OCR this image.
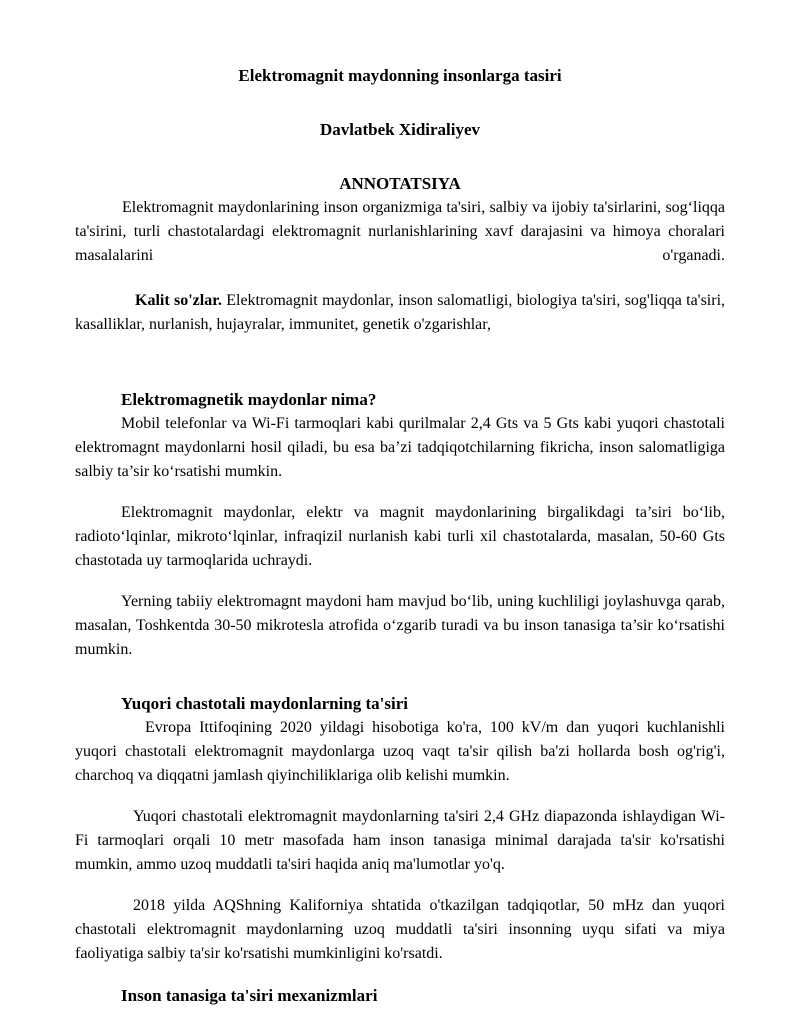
Elektromagnit maydonning insonlarga tasiri
Davlatbek Xidiraliyev
ANNOTATSIYA

Elektromagnit maydonlarining inson organizmiga ta'siri, salbiy va ijobiy ta'sirlarini, sog‘liqqa ta'sirini, turli chastotalardagi elektromagnit nurlanishlarining xavf darajasini va himoya choralari masalalarini o'rganadi.

Kalit so'zlar. Elektromagnit maydonlar, inson salomatligi, biologiya ta'siri, sog'liqqa ta'siri, kasalliklar, nurlanish, hujayralar, immunitet, genetik o'zgarishlar,

Elektromagnetik maydonlar nima?

Mobil telefonlar va Wi-Fi tarmoqlari kabi qurilmalar 2,4 Gts va 5 Gts kabi yuqori chastotali elektromagnt maydonlarni hosil qiladi, bu esa ba’zi tadqiqotchilarning fikricha, inson salomatligiga salbiy ta’sir ko‘rsatishi mumkin.

Elektromagnit maydonlar, elektr va magnit maydonlarining birgalikdagi ta’siri bo‘lib, radioto‘lqinlar, mikroto‘lqinlar, infraqizil nurlanish kabi turli xil chastotalarda, masalan, 50-60 Gts chastotada uy tarmoqlarida uchraydi.

Yerning tabiiy elektromagnt maydoni ham mavjud bo‘lib, uning kuchliligi joylashuvga qarab, masalan, Toshkentda 30-50 mikrotesla atrofida o‘zgarib turadi va bu inson tanasiga ta’sir ko‘rsatishi mumkin.

Yuqori chastotali maydonlarning ta'siri

Evropa Ittifoqining 2020 yildagi hisobotiga ko'ra, 100 kV/m dan yuqori kuchlanishli yuqori chastotali elektromagnit maydonlarga uzoq vaqt ta'sir qilish ba'zi hollarda bosh og'rig'i, charchoq va diqqatni jamlash qiyinchiliklariga olib kelishi mumkin.

Yuqori chastotali elektromagnit maydonlarning ta'siri 2,4 GHz diapazonda ishlaydigan Wi-Fi tarmoqlari orqali 10 metr masofada ham inson tanasiga minimal darajada ta'sir ko'rsatishi mumkin, ammo uzoq muddatli ta'siri haqida aniq ma'lumotlar yo'q.

2018 yilda AQShning Kaliforniya shtatida o'tkazilgan tadqiqotlar, 50 mHz dan yuqori chastotali elektromagnit maydonlarning uzoq muddatli ta'siri insonning uyqu sifati va miya faoliyatiga salbiy ta'sir ko'rsatishi mumkinligini ko'rsatdi.

Inson tanasiga ta'siri mexanizmlari
